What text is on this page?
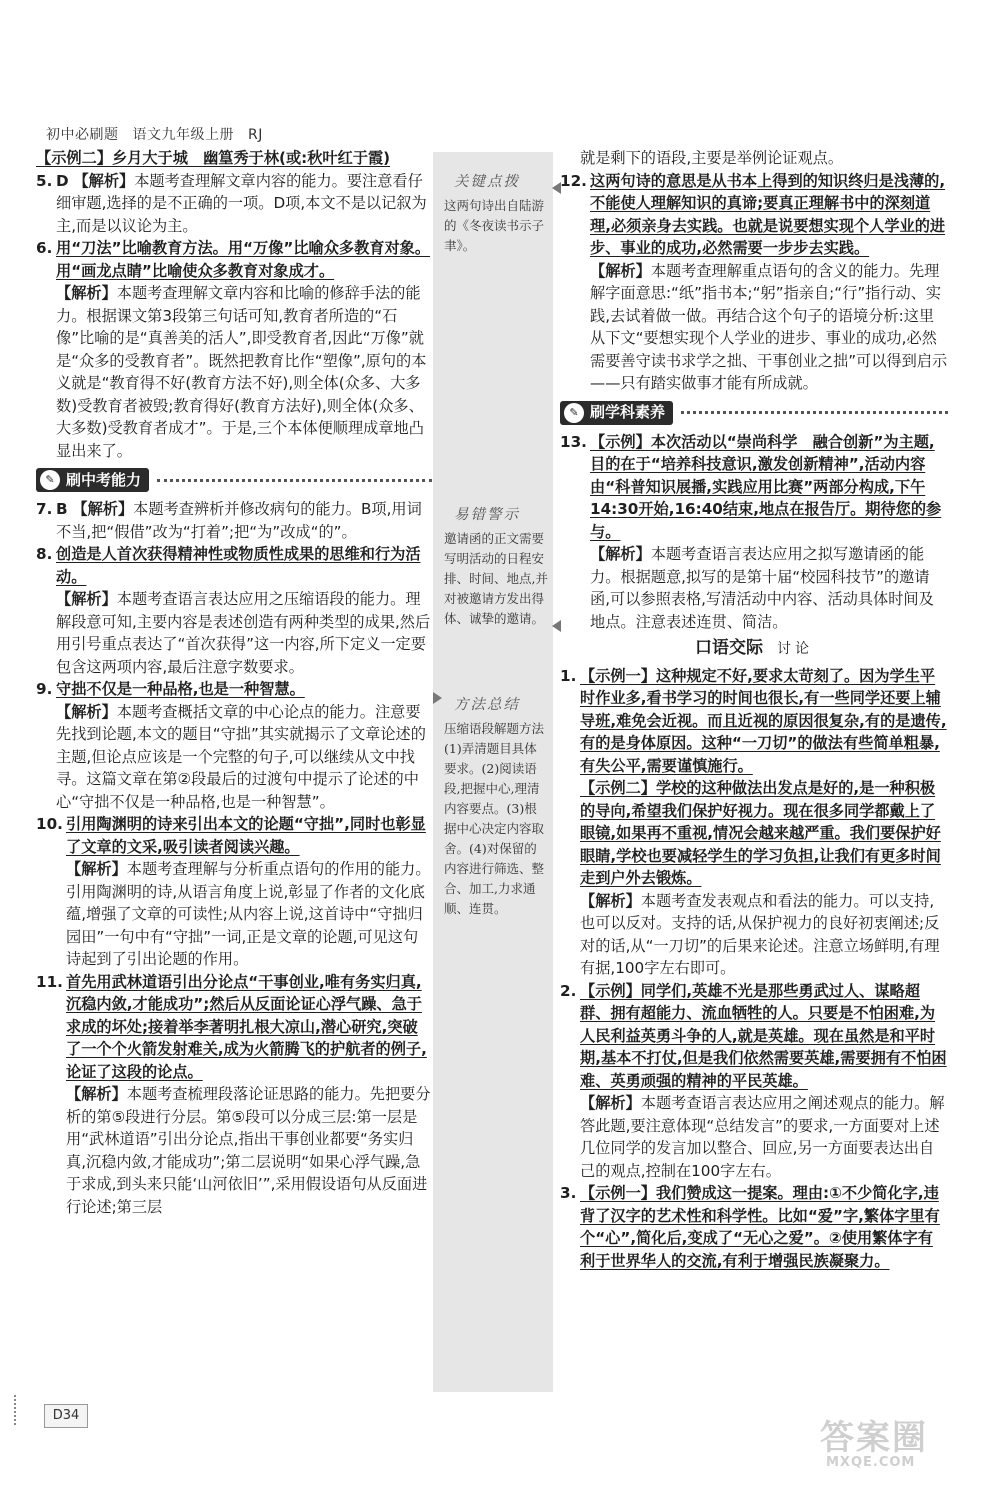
初中必刷题 语文九年级上册 RJ
关键点拨
这两句诗出自陆游的《冬夜读书示子聿》。
易错警示
邀请函的正文需要写明活动的日程安排、时间、地点,并对被邀请方发出得体、诚挚的邀请。
方法总结
压缩语段解题方法 (1)弄清题目具体要求。(2)阅读语段,把握中心,理清内容要点。(3)根据中心决定内容取舍。(4)对保留的内容进行筛选、整合、加工,力求通顺、连贯。

【示例二】乡月大于城　幽篁秀于林(或:秋叶红于霞)

5. D 【解析】本题考查理解文章内容的能力。要注意看仔细审题,选择的是不正确的一项。D项,本文不是以记叙为主,而是以议论为主。
6. 用“刀法”比喻教育方法。用“万像”比喻众多教育对象。用“画龙点睛”比喻使众多教育对象成才。
【解析】本题考查理解文章内容和比喻的修辞手法的能力。根据课文第3段第三句话可知,教育者所造的“石像”比喻的是“真善美的活人”,即受教育者,因此“万像”就是“众多的受教育者”。既然把教育比作“塑像”,原句的本义就是“教育得不好(教育方法不好),则全体(众多、大多数)受教育者被毁;教育得好(教育方法好),则全体(众多、大多数)受教育者成才”。于是,三个本体便顺理成章地凸显出来了。
✎ 刷中考能力
7. B 【解析】本题考查辨析并修改病句的能力。B项,用词不当,把“假借”改为“打着”;把“为”改成“的”。
8. 创造是人首次获得精神性或物质性成果的思维和行为活动。
【解析】本题考查语言表达应用之压缩语段的能力。理解段意可知,主要内容是表述创造有两种类型的成果,然后用引号重点表达了“首次获得”这一内容,所下定义一定要包含这两项内容,最后注意字数要求。
9. 守拙不仅是一种品格,也是一种智慧。
【解析】本题考查概括文章的中心论点的能力。注意要先找到论题,本文的题目“守拙”其实就揭示了文章论述的主题,但论点应该是一个完整的句子,可以继续从文中找寻。这篇文章在第②段最后的过渡句中提示了论述的中心“守拙不仅是一种品格,也是一种智慧”。
10. 引用陶渊明的诗来引出本文的论题“守拙”,同时也彰显了文章的文采,吸引读者阅读兴趣。
【解析】本题考查理解与分析重点语句的作用的能力。引用陶渊明的诗,从语言角度上说,彰显了作者的文化底蕴,增强了文章的可读性;从内容上说,这首诗中“守拙归园田”一句中有“守拙”一词,正是文章的论题,可见这句诗起到了引出论题的作用。
11. 首先用武林道语引出分论点“干事创业,唯有务实归真,沉稳内敛,才能成功”;然后从反面论证心浮气躁、急于求成的坏处;接着举李著明扎根大凉山,潜心研究,突破了一个个火箭发射难关,成为火箭腾飞的护航者的例子,论证了这段的论点。
【解析】本题考查梳理段落论证思路的能力。先把要分析的第⑤段进行分层。第⑤段可以分成三层:第一层是用“武林道语”引出分论点,指出干事创业都要“务实归真,沉稳内敛,才能成功”;第二层说明“如果心浮气躁,急于求成,到头来只能‘山河依旧’”,采用假设语句从反面进行论述;第三层

就是剩下的语段,主要是举例论证观点。

12. 这两句诗的意思是从书本上得到的知识终归是浅薄的,不能使人理解知识的真谛;要真正理解书中的深刻道理,必须亲身去实践。也就是说要想实现个人学业的进步、事业的成功,必然需要一步步去实践。
【解析】本题考查理解重点语句的含义的能力。先理解字面意思:“纸”指书本;“躬”指亲自;“行”指行动、实践,去试着做一做。再结合这个句子的语境分析:这里从下文“要想实现个人学业的进步、事业的成功,必然需要善守读书求学之拙、干事创业之拙”可以得到启示——只有踏实做事才能有所成就。
✎ 刷学科素养
13. 【示例】本次活动以“崇尚科学　融合创新”为主题,目的在于“培养科技意识,激发创新精神”,活动内容由“科普知识展播,实践应用比赛”两部分构成,下午14:30开始,16:40结束,地点在报告厅。期待您的参与。
【解析】本题考查语言表达应用之拟写邀请函的能力。根据题意,拟写的是第十届“校园科技节”的邀请函,可以参照表格,写清活动中内容、活动具体时间及地点。注意表述连贯、简洁。
口语交际 讨论
1. 【示例一】这种规定不好,要求太苛刻了。因为学生平时作业多,看书学习的时间也很长,有一些同学还要上辅导班,难免会近视。而且近视的原因很复杂,有的是遗传,有的是身体原因。这种“一刀切”的做法有些简单粗暴,有失公平,需要谨慎施行。
【示例二】学校的这种做法出发点是好的,是一种积极的导向,希望我们保护好视力。现在很多同学都戴上了眼镜,如果再不重视,情况会越来越严重。我们要保护好眼睛,学校也要减轻学生的学习负担,让我们有更多时间走到户外去锻炼。
【解析】本题考查发表观点和看法的能力。可以支持,也可以反对。支持的话,从保护视力的良好初衷阐述;反对的话,从“一刀切”的后果来论述。注意立场鲜明,有理有据,100字左右即可。
2. 【示例】同学们,英雄不光是那些勇武过人、谋略超群、拥有超能力、流血牺牲的人。只要是不怕困难,为人民利益英勇斗争的人,就是英雄。现在虽然是和平时期,基本不打仗,但是我们依然需要英雄,需要拥有不怕困难、英勇顽强的精神的平民英雄。
【解析】本题考查语言表达应用之阐述观点的能力。解答此题,要注意体现“总结发言”的要求,一方面要对上述几位同学的发言加以整合、回应,另一方面要表达出自己的观点,控制在100字左右。
3. 【示例一】我们赞成这一提案。理由:①不少简化字,违背了汉字的艺术性和科学性。比如“爱”字,繁体字里有个“心”,简化后,变成了“无心之爱”。②使用繁体字有利于世界华人的交流,有利于增强民族凝聚力。
D34
答案圈
MXQE.COM
